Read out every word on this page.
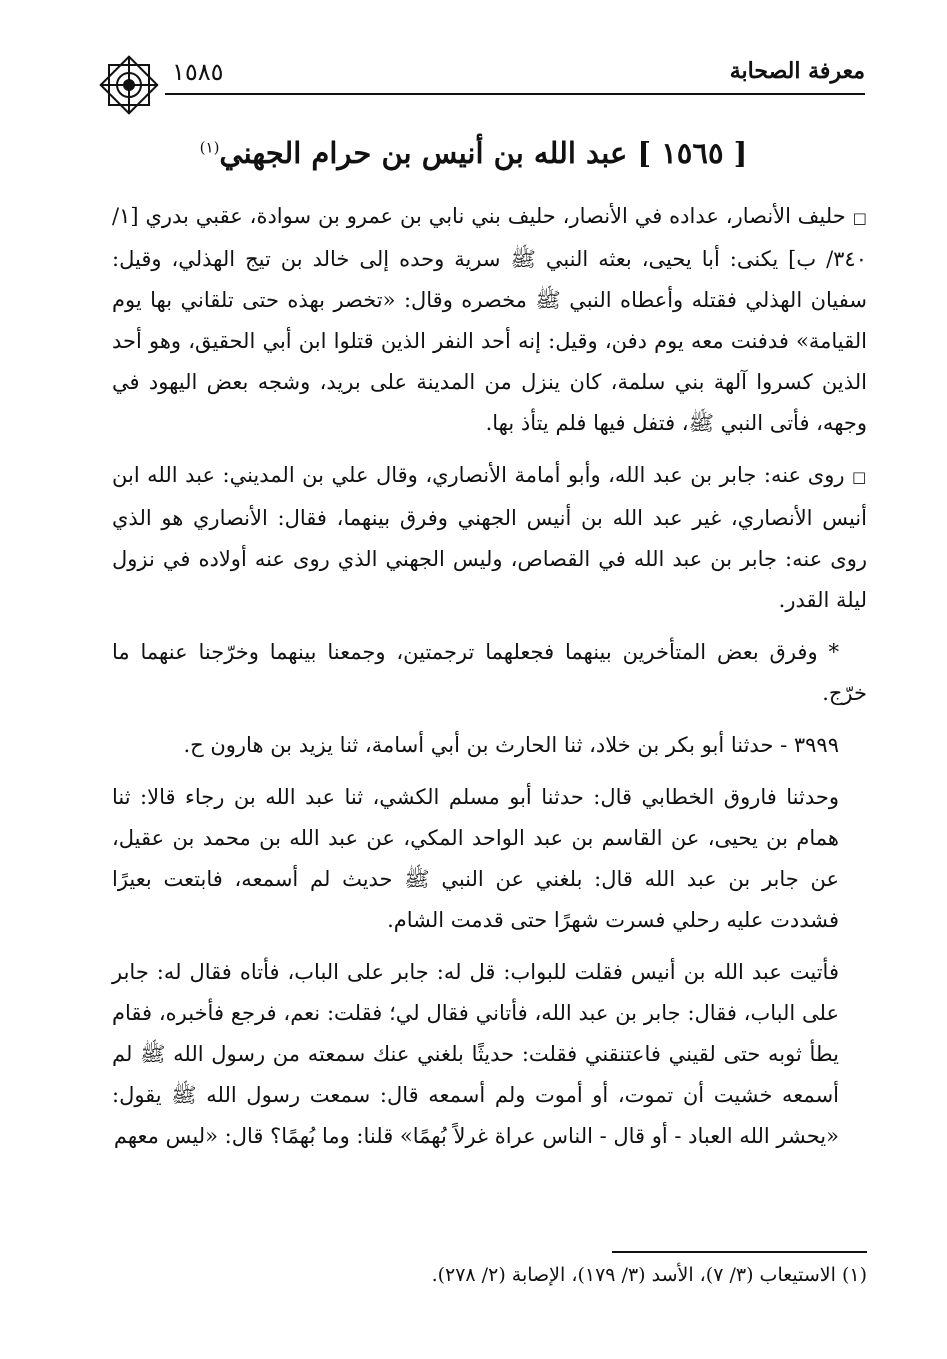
معرفة الصحابة
١٥٨٥
[ ١٥٦٥ ] عبد الله بن أنيس بن حرام الجهني$^{(١)}$

□ حليف الأنصار، عداده في الأنصار، حليف بني نابي بن عمرو بن سوادة، عقبي بدري [١/ ٣٤٠/ ب] يكنى: أبا يحيى، بعثه النبي ﷺ سرية وحده إلى خالد بن تيج الهذلي، وقيل: سفيان الهذلي فقتله وأعطاه النبي ﷺ مخصره وقال: «تخصر بهذه حتى تلقاني بها يوم القيامة» فدفنت معه يوم دفن، وقيل: إنه أحد النفر الذين قتلوا ابن أبي الحقيق، وهو أحد الذين كسروا آلهة بني سلمة، كان ينزل من المدينة على بريد، وشجه بعض اليهود في وجهه، فأتى النبي ﷺ، فتفل فيها فلم يتأذ بها.

□ روى عنه: جابر بن عبد الله، وأبو أمامة الأنصاري، وقال علي بن المديني: عبد الله ابن أنيس الأنصاري، غير عبد الله بن أنيس الجهني وفرق بينهما، فقال: الأنصاري هو الذي روى عنه: جابر بن عبد الله في القصاص، وليس الجهني الذي روى عنه أولاده في نزول ليلة القدر.

* وفرق بعض المتأخرين بينهما فجعلهما ترجمتين، وجمعنا بينهما وخرّجنا عنهما ما خرّج.

٣٩٩٩ - حدثنا أبو بكر بن خلاد، ثنا الحارث بن أبي أسامة، ثنا يزيد بن هارون ح.

وحدثنا فاروق الخطابي قال: حدثنا أبو مسلم الكشي، ثنا عبد الله بن رجاء قالا: ثنا همام بن يحيى، عن القاسم بن عبد الواحد المكي، عن عبد الله بن محمد بن عقيل، عن جابر بن عبد الله قال: بلغني عن النبي ﷺ حديث لم أسمعه، فابتعت بعيرًا فشددت عليه رحلي فسرت شهرًا حتى قدمت الشام.

فأتيت عبد الله بن أنيس فقلت للبواب: قل له: جابر على الباب، فأتاه فقال له: جابر على الباب، فقال: جابر بن عبد الله، فأتاني فقال لي؛ فقلت: نعم، فرجع فأخبره، فقام يطأ ثوبه حتى لقيني فاعتنقني فقلت: حديثًا بلغني عنك سمعته من رسول الله ﷺ لم أسمعه خشيت أن تموت، أو أموت ولم أسمعه قال: سمعت رسول الله ﷺ يقول: «يحشر الله العباد - أو قال - الناس عراة غرلاً بُهمًا» قلنا: وما بُهمًا؟ قال: «ليس معهم

(١) الاستيعاب (٣/ ٧)، الأسد (٣/ ١٧٩)، الإصابة (٢/ ٢٧٨).
